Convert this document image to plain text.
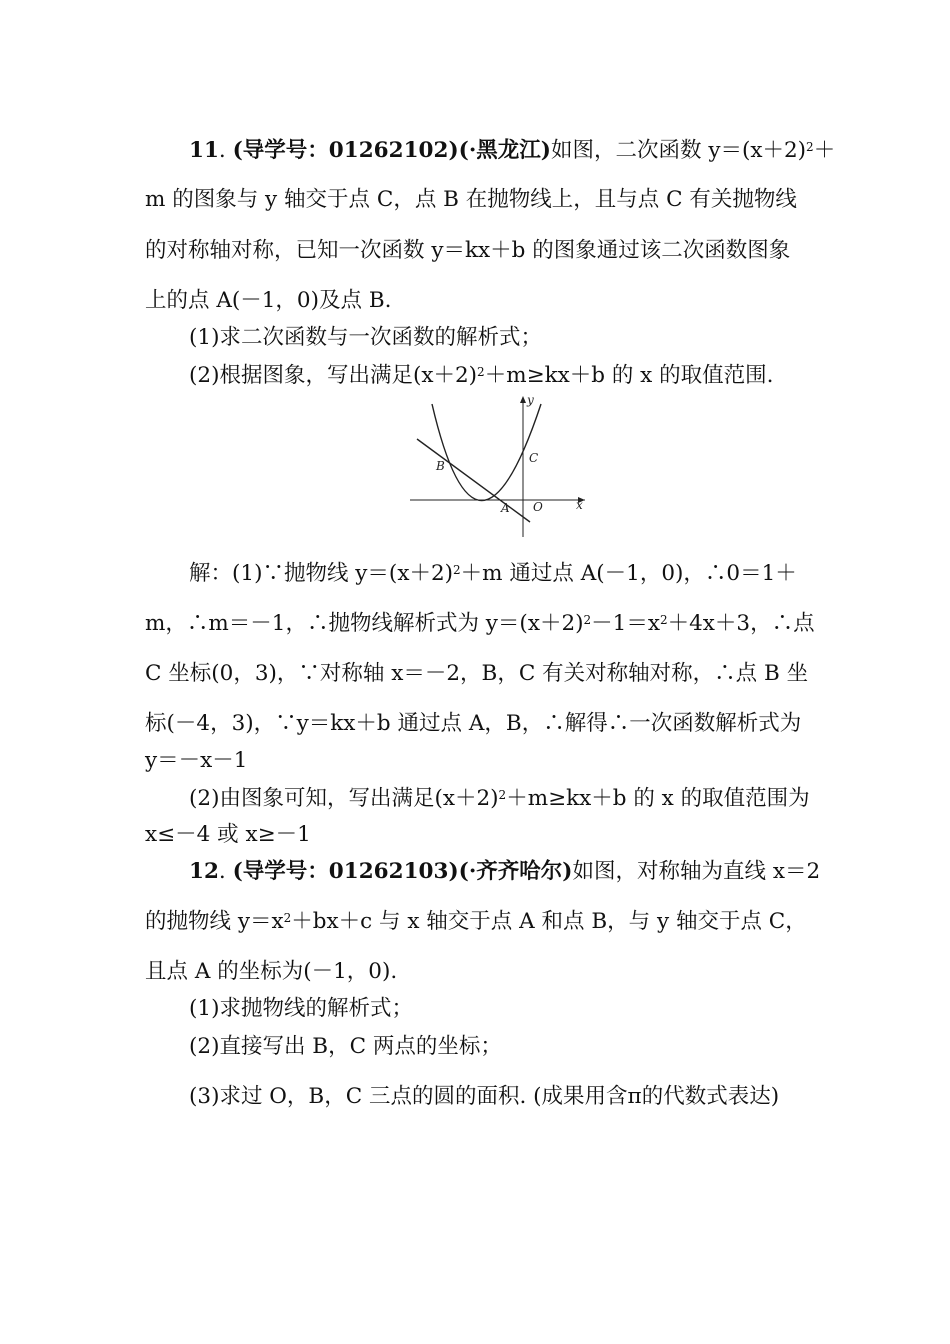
11. (导学号：01262102)(·黑龙江)如图，二次函数 $y=(x+2)^2+$
m 的图象与 y 轴交于点 C，点 B 在抛物线上，且与点 C 有关抛物线
的对称轴对称，已知一次函数 y＝kx＋b 的图象通过该二次函数图象
上的点 A(－1，0)及点 B.
(1)求二次函数与一次函数的解析式；
(2)根据图象，写出满足$(x+2)^2+m\ge kx+b$ 的 x 的取值范围.
y
x
B
C
A O
解：(1)∵抛物线 $y=(x+2)^2+m$ 通过点 A(－1，0)，∴0＝1＋
m，∴m＝－1，∴抛物线解析式为 $y=(x+2)^2-1=x^2+4x+3$，∴点
C 坐标(0，3)，∵对称轴 x＝－2，B，C 有关对称轴对称，∴点 B 坐
标(－4，3)，∵y＝kx＋b 通过点 A，B，∴解得∴一次函数解析式为
y＝－x－1
(2)由图象可知，写出满足$(x+2)^2+m\ge kx+b$ 的 x 的取值范围为
x≤－4 或 x≥－1
12. (导学号：01262103)(·齐齐哈尔)如图，对称轴为直线 x＝2
的抛物线 $y=x^2+bx+c$ 与 x 轴交于点 A 和点 B，与 y 轴交于点 C，
且点 A 的坐标为(－1，0).
(1)求抛物线的解析式；
(2)直接写出 B，C 两点的坐标；
(3)求过 O，B，C 三点的圆的面积. (成果用含π的代数式表达)
